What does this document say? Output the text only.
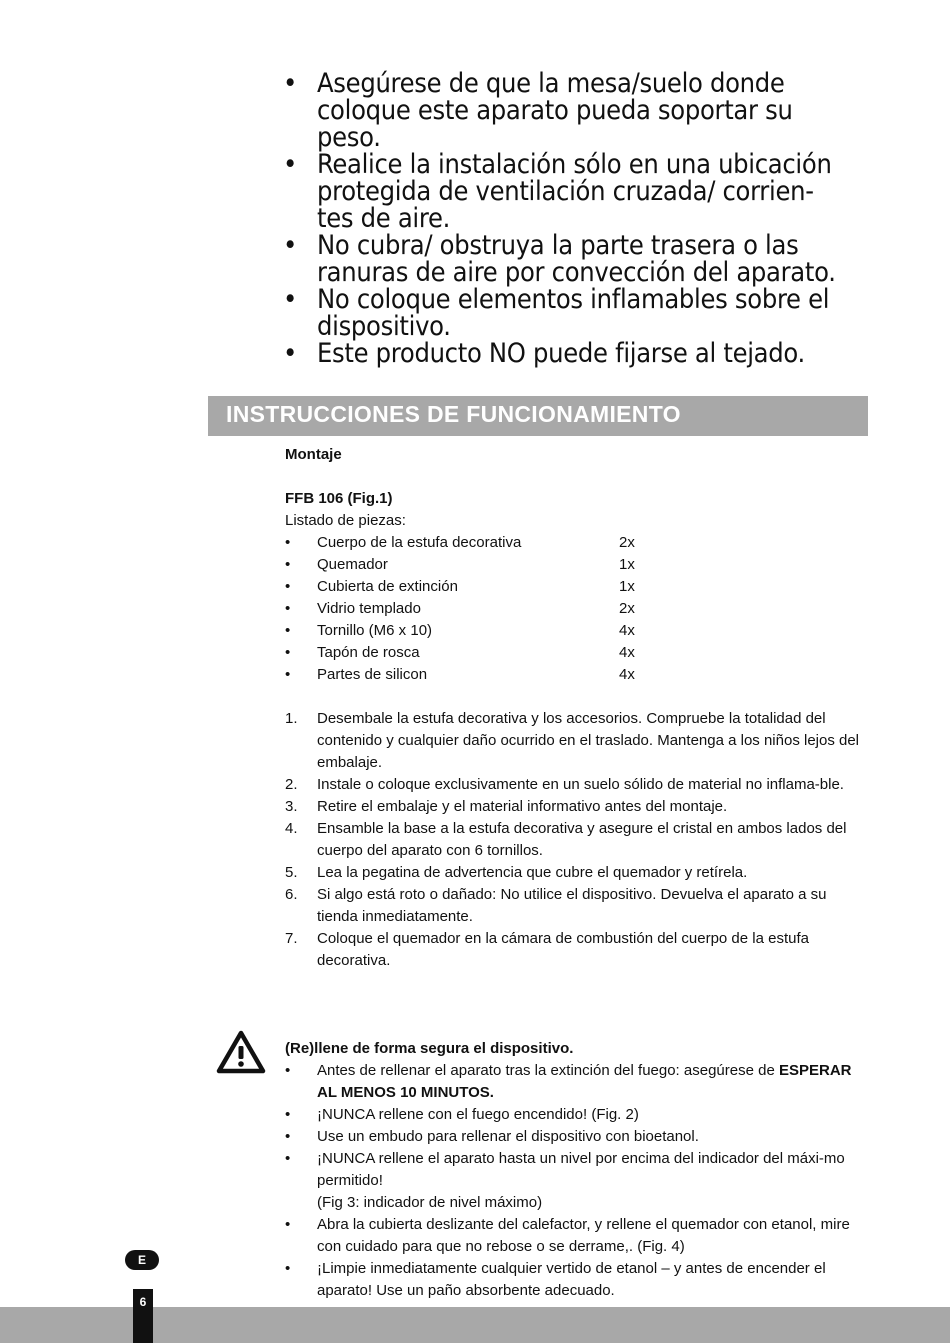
• Asegúrese de que la mesa/suelo donde
coloque este aparato pueda soportar su
peso.
• Realice la instalación sólo en una ubicación
protegida de ventilación cruzada/ corrien-
tes de aire.
• No cubra/ obstruya la parte trasera o las
ranuras de aire por convección del aparato.
• No coloque elementos inflamables sobre el
dispositivo.
• Este producto NO puede fijarse al tejado.
INSTRUCCIONES DE FUNCIONAMIENTO
Montaje
FFB 106 (Fig.1)
Listado de piezas:
• Cuerpo de la estufa decorativa	2x
• Quemador	1x
• Cubierta de extinción	1x
• Vidrio templado	2x
• Tornillo (M6 x 10)	4x
• Tapón de rosca	4x
• Partes de silicon	4x
1. Desembale la estufa decorativa y los accesorios. Compruebe la totalidad del contenido y cualquier daño ocurrido en el traslado. Mantenga a los niños lejos del embalaje.
2. Instale o coloque exclusivamente en un suelo sólido de material no inflama-ble.
3. Retire el embalaje y el material informativo antes del montaje.
4. Ensamble la base a la estufa decorativa y asegure el cristal en ambos lados del cuerpo del aparato con 6 tornillos.
5. Lea la pegatina de advertencia que cubre el quemador y retírela.
6. Si algo está roto o dañado: No utilice el dispositivo. Devuelva el aparato a su tienda inmediatamente.
7. Coloque el quemador en la cámara de combustión del cuerpo de la estufa decorativa.
(Re)llene de forma segura el dispositivo.
• Antes de rellenar el aparato tras la extinción del fuego: asegúrese de ESPERAR AL MENOS 10 MINUTOS.
• ¡NUNCA rellene con el fuego encendido! (Fig. 2)
• Use un embudo para rellenar el dispositivo con bioetanol.
• ¡NUNCA rellene el aparato hasta un nivel por encima del indicador del máxi-mo permitido!
(Fig 3: indicador de nivel máximo)
• Abra la cubierta deslizante del calefactor, y rellene el quemador con etanol, mire con cuidado para que no rebose o se derrame,. (Fig. 4)
• ¡Limpie inmediatamente cualquier vertido de etanol – y antes de encender el aparato! Use un paño absorbente adecuado.
E
6
